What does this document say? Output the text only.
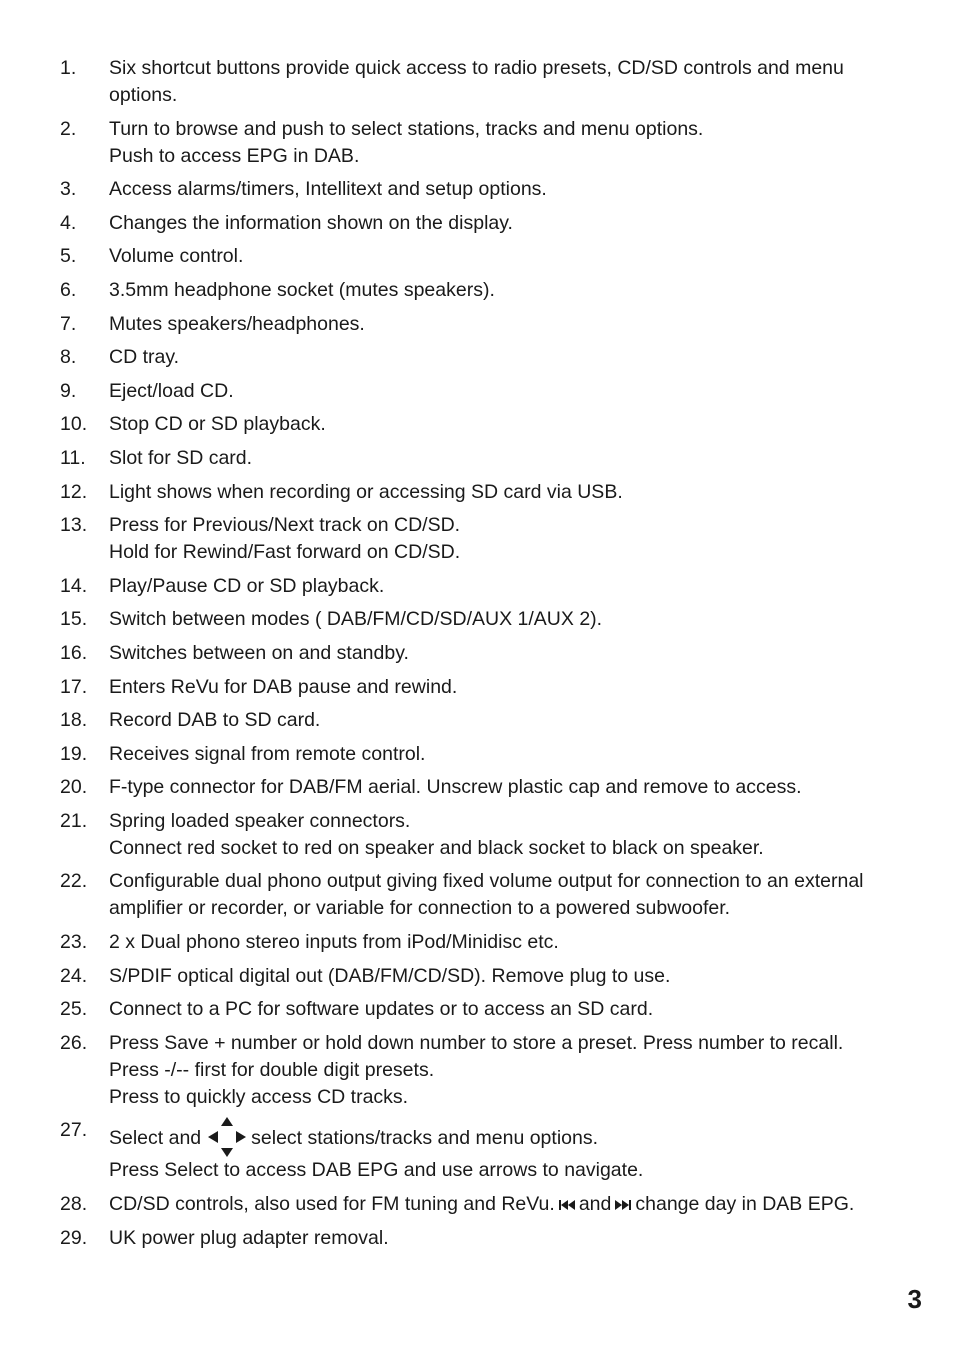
1.	Six shortcut buttons provide quick access to radio presets, CD/SD controls and menu
options.
2.	Turn to browse and push to select stations, tracks and menu options.
Push to access EPG in DAB.
3.	Access alarms/timers, Intellitext and setup options.
4.	Changes the information shown on the display.
5.	Volume control.
6.	3.5mm headphone socket (mutes speakers).
7.	Mutes speakers/headphones.
8.	CD tray.
9.	Eject/load CD.
10.	Stop CD or SD playback.
11.	Slot for SD card.
12.	Light shows when recording or accessing SD card via USB.
13.	Press for Previous/Next track on CD/SD.
Hold for Rewind/Fast forward on CD/SD.
14.	Play/Pause CD or SD playback.
15.	Switch between modes ( DAB/FM/CD/SD/AUX 1/AUX 2).
16.	Switches between on and standby.
17.	Enters ReVu for DAB pause and rewind.
18.	Record DAB to SD card.
19.	Receives signal from remote control.
20.	F-type connector for DAB/FM aerial. Unscrew plastic cap and remove to access.
21.	Spring loaded speaker connectors.
Connect red socket to red on speaker and black socket to black on speaker.
22.	Configurable dual phono output giving fixed volume output for connection to an external
amplifier or recorder, or variable for connection to a powered subwoofer.
23.	2 x Dual phono stereo inputs from iPod/Minidisc etc.
24.	S/PDIF optical digital out (DAB/FM/CD/SD). Remove plug to use.
25.	Connect to a PC for software updates or to access an SD card.
26.	Press Save + number or hold down number to store a preset. Press number to recall.
Press -/-- first for double digit presets.
Press to quickly access CD tracks.
27.	Select and	select stations/tracks and menu options.
Press Select to access DAB EPG and use arrows to navigate.
28.	CD/SD controls, also used for FM tuning and ReVu. and change day in DAB EPG.
29.	UK power plug adapter removal.
3
